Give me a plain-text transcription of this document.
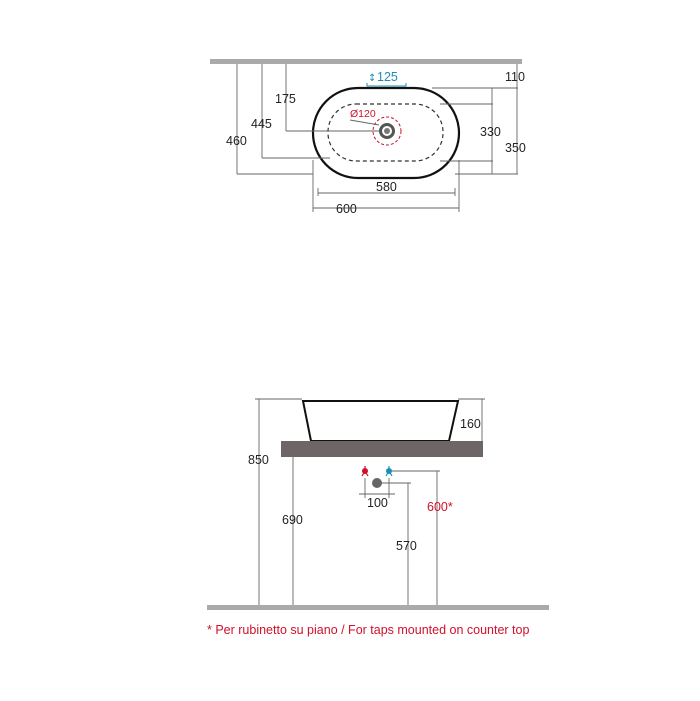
Ø120
↕ 125
460
445
175
110
330
350
580
600
850
690
160
100
570
600*
* Per rubinetto su piano / For taps mounted on counter top
